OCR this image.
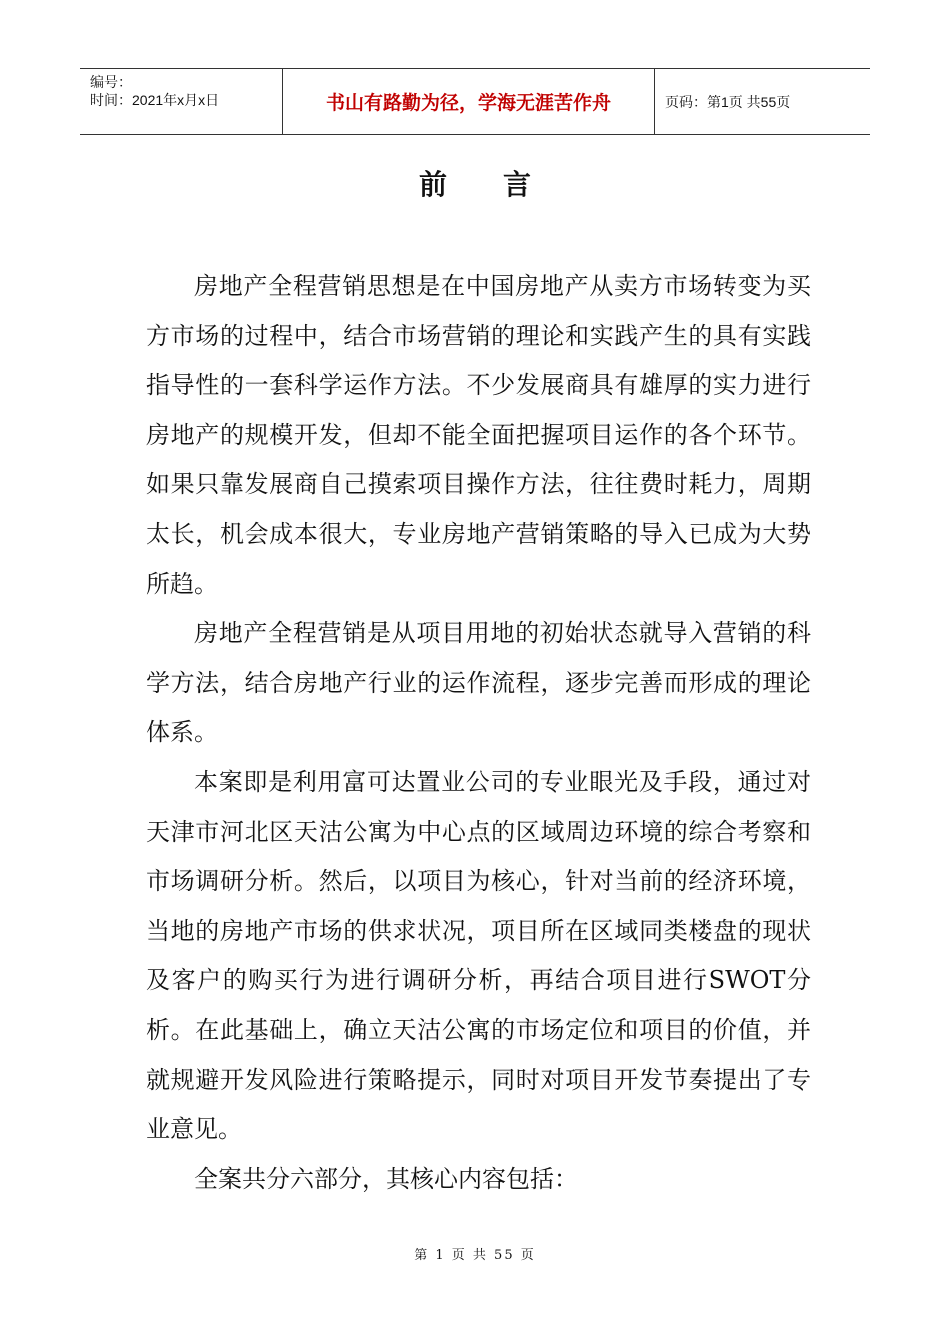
编号：
时间：2021年x月x日	书山有路勤为径，学海无涯苦作舟	页码：第1页 共55页
前言

房地产全程营销思想是在中国房地产从卖方市场转变为买方市场的过程中，结合市场营销的理论和实践产生的具有实践指导性的一套科学运作方法。不少发展商具有雄厚的实力进行房地产的规模开发，但却不能全面把握项目运作的各个环节。如果只靠发展商自己摸索项目操作方法，往往费时耗力，周期太长，机会成本很大，专业房地产营销策略的导入已成为大势所趋。

房地产全程营销是从项目用地的初始状态就导入营销的科学方法，结合房地产行业的运作流程，逐步完善而形成的理论体系。

本案即是利用富可达置业公司的专业眼光及手段，通过对天津市河北区天沽公寓为中心点的区域周边环境的综合考察和市场调研分析。然后，以项目为核心，针对当前的经济环境，当地的房地产市场的供求状况，项目所在区域同类楼盘的现状及客户的购买行为进行调研分析，再结合项目进行SWOT分析。在此基础上，确立天沽公寓的市场定位和项目的价值，并就规避开发风险进行策略提示，同时对项目开发节奏提出了专业意见。

全案共分六部分，其核心内容包括：

第 1 页 共 55 页
